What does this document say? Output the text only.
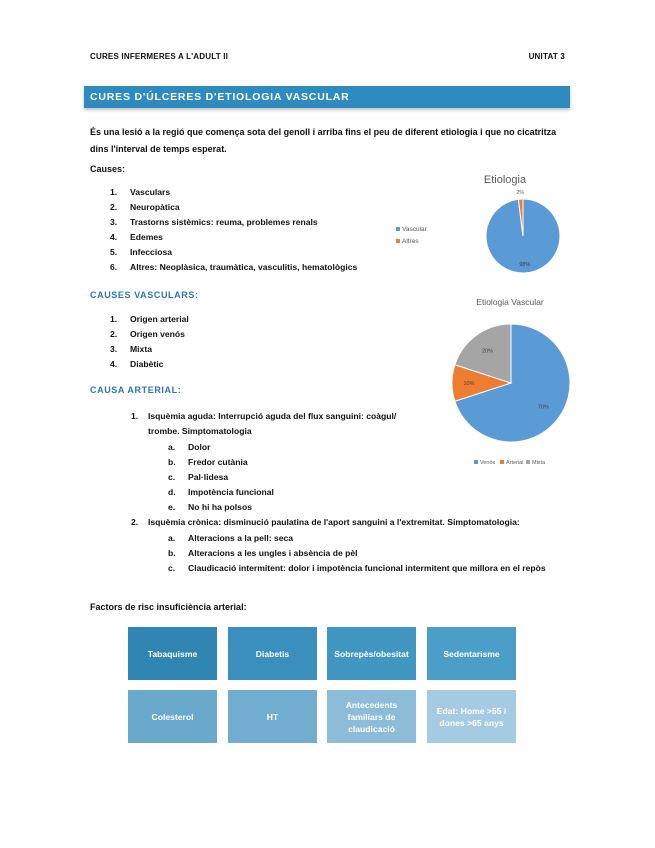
CURES INFERMERES A L'ADULT II	UNITAT 3
CURES D'ÚLCERES D'ETIOLOGIA VASCULAR

És una lesió a la regió que comença sota del genoll i arriba fins el peu de diferent etiologia i que no cicatritza dins l'interval de temps esperat.

Causes:
1. Vasculars
2. Neuropàtica
3. Trastorns sistèmics: reuma, problemes renals
4. Edemes
5. Infecciosa
6. Altres: Neoplàsica, traumàtica, vasculitis, hematològics
CAUSES VASCULARS:
1. Origen arterial
2. Origen venós
3. Mixta
4. Diabètic
CAUSA ARTERIAL:
1. Isquèmia aguda: Interrupció aguda del flux sanguini: coàgul/ trombe. Simptomatologia
a. Dolor
b. Fredor cutània
c. Pal·lidesa
d. Impotència funcional
e. No hi ha polsos
2. Isquèmia crònica: disminució paulatina de l'aport sanguini a l'extremitat. Simptomatologia:
a. Alteracions a la pell: seca
b. Alteracions a les ungles i absència de pèl
c. Claudicació intermitent: dolor i impotència funcional intermitent que millora en el repòs
Factors de risc insuficiència arterial:
Tabaquisme	Diabetis	Sobrepès/obesitat	Sedentarisme
Colesterol	HT
Antecedents familiars de claudicació
Edat: Home >55 i dones >65 anys
Etiologia
98%
2%
Vascular
Altres
Etiologia Vascular
70%
10%
20%
Venós Arterial Mixta
